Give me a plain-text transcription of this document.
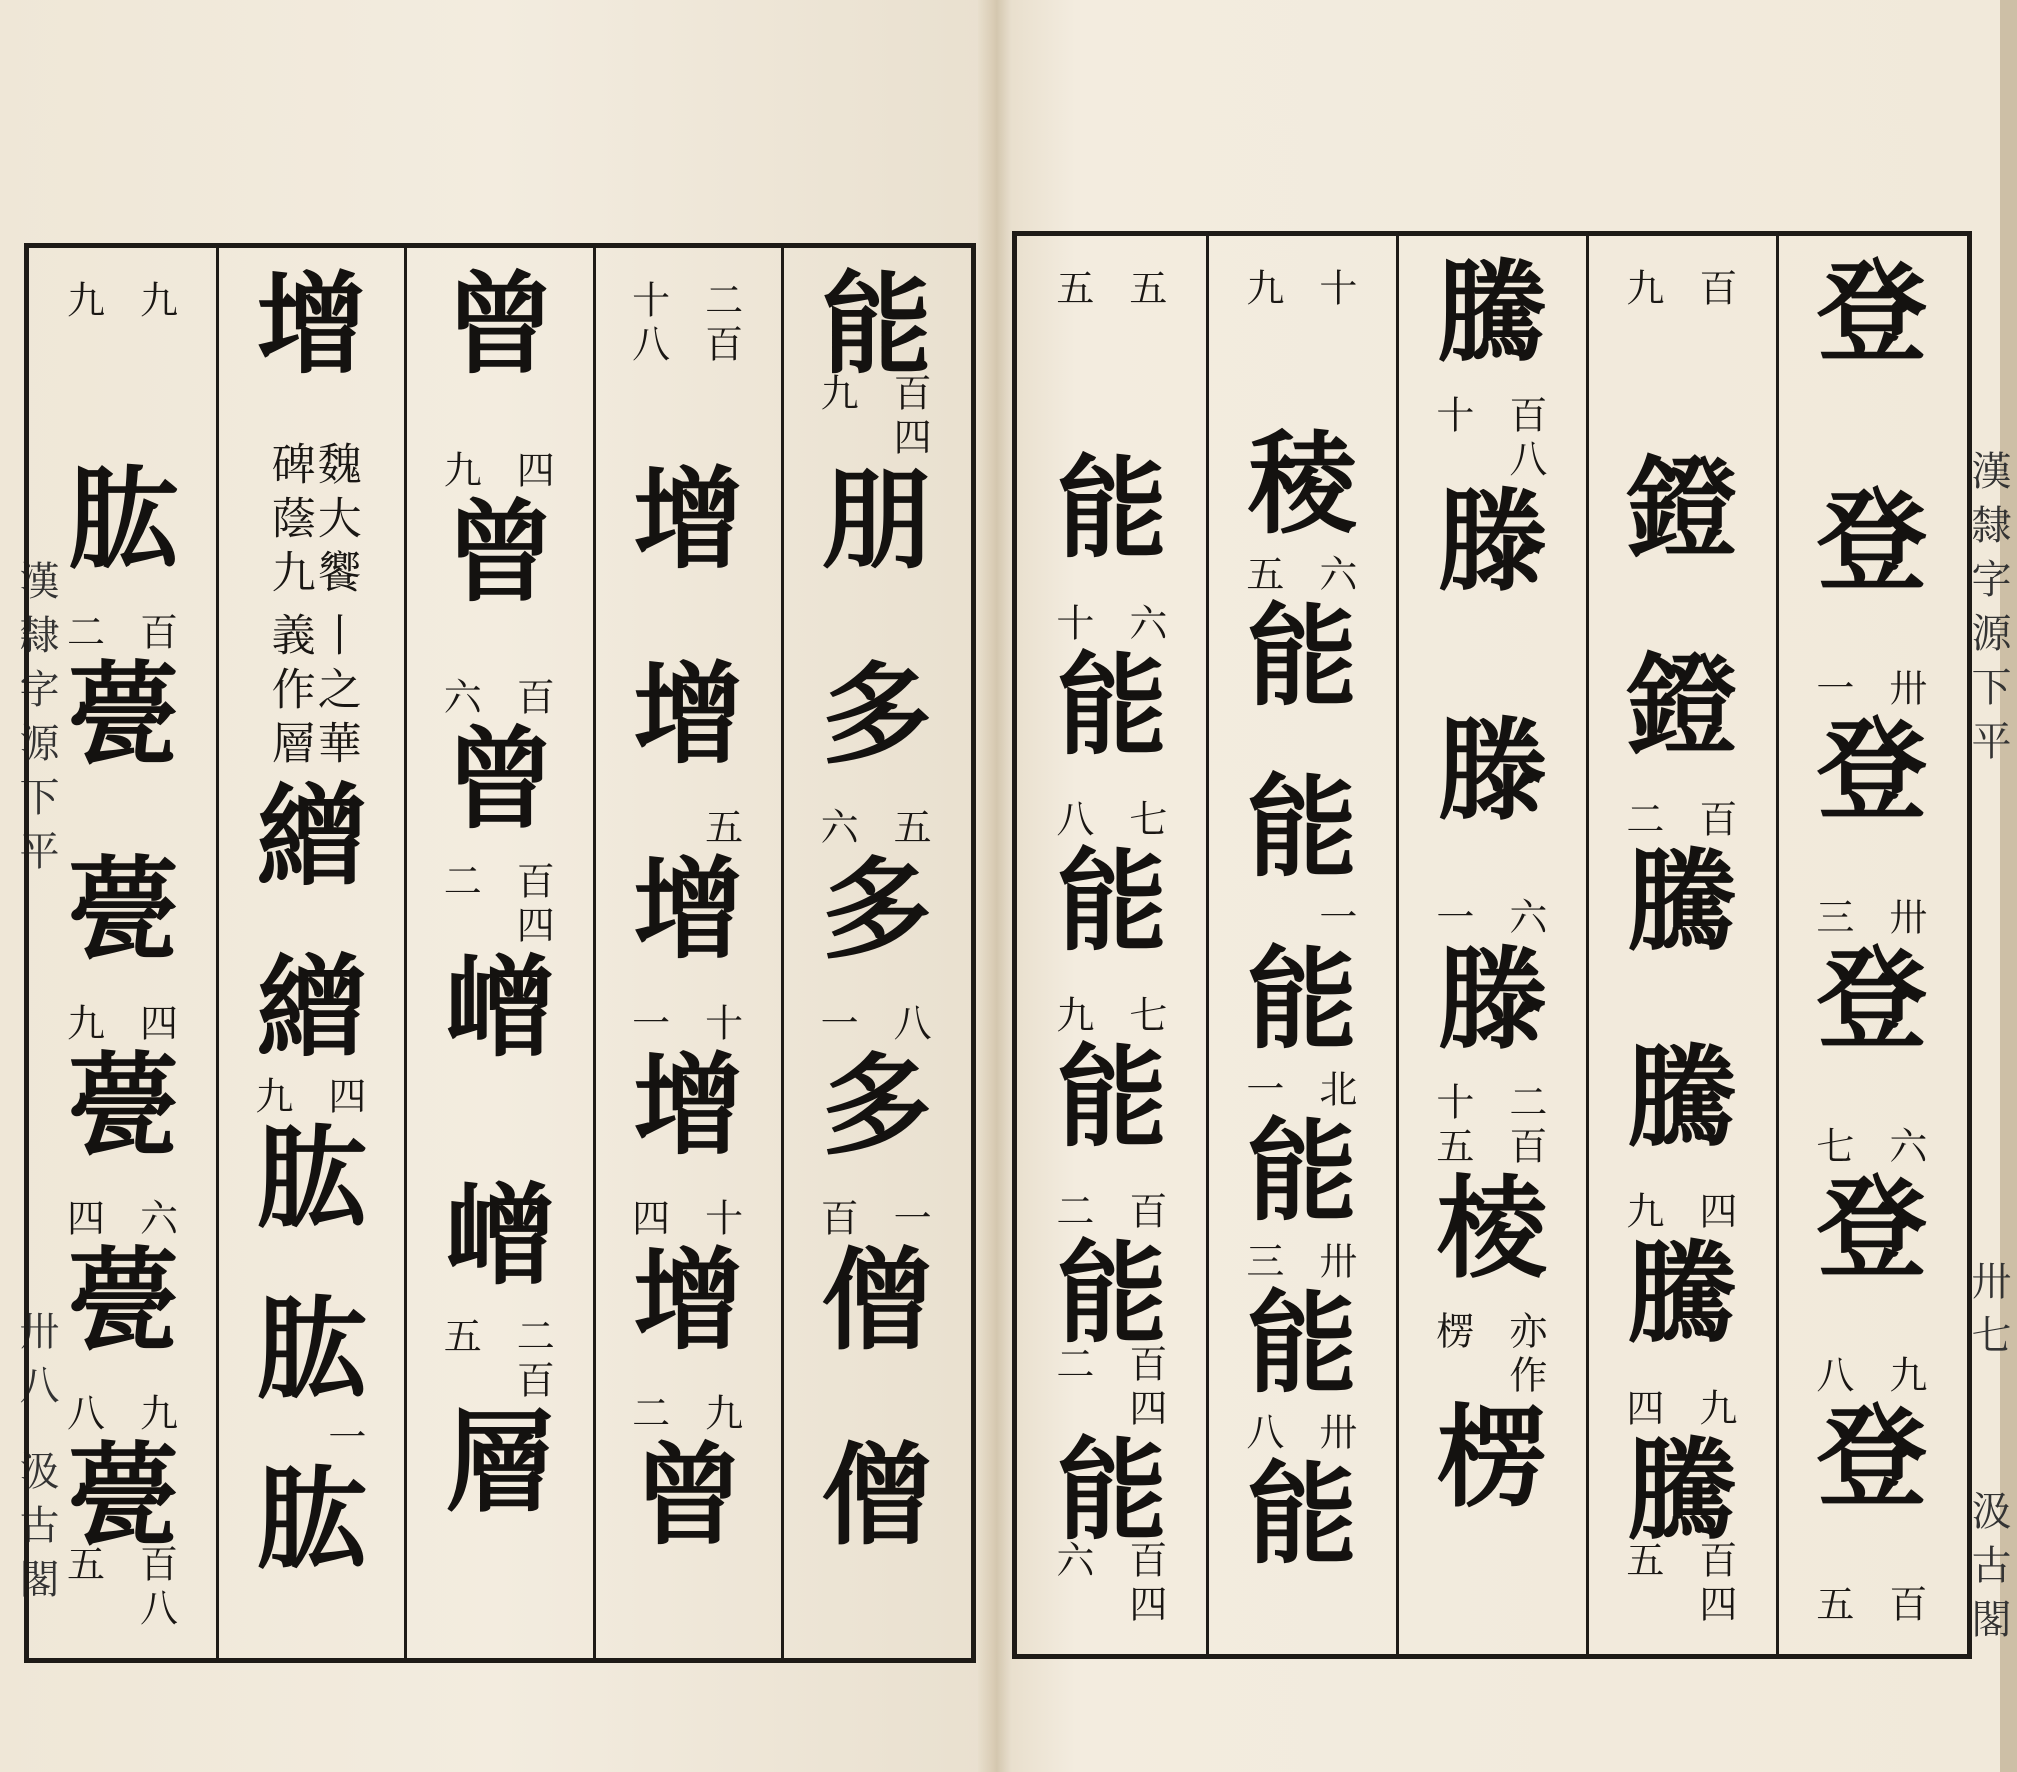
漢隸字源下平
卅八
汲古閣
漢隸字源下平
卅七
汲古閣
能
百四
九
朋
多
五
六
多
八
一
多
一
百
僧
僧
二百
十八
增
增
五
增
十
一
增
十
四
增
九
二
曾
曾
四
九
曾
百
六
曾
百四
二
嶒
嶒
二百
五
層
增
魏大饗碑蔭九
丨之華義作層
繒
繒
四
九
肱
肱
一
肱
九
九
肱
百
二
甍
甍
四
九
甍
六
四
甍
九
八
甍
百八
五
登
登
卅
一
登
卅
三
登
六
七
登
九
八
登
百
五
百
九
鐙
鐙
百
二
騰
騰
四
九
騰
九
四
騰
百四
五
騰
百八
十
滕
滕
六
一
滕
二百
十五
棱
亦作
楞
楞
十
九
稜
六
五
能
能
一
能
北
一
能
卅
三
能
卅
八
能
五
五
能
六
十
能
七
八
能
七
九
能
百
二
能
百四
二
能
百四
六
